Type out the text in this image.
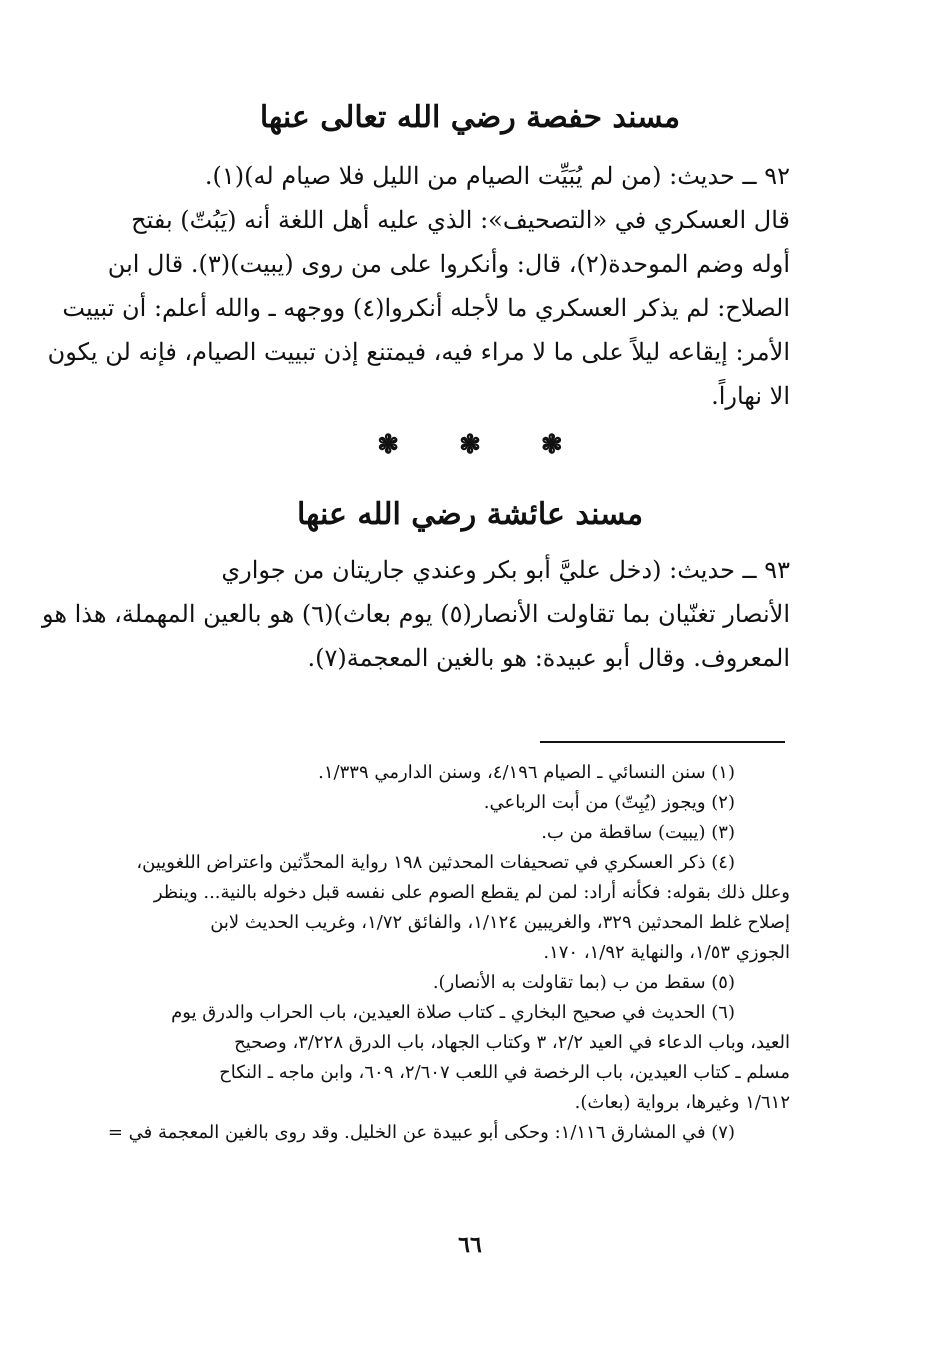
مسند حفصة رضي الله تعالى عنها
٩٢ ــ حديث: (من لم يُبَيِّت الصيام من الليل فلا صيام له)(١).
قال العسكري في «التصحيف»: الذي عليه أهل اللغة أنه (يَبُتّ) بفتح
أوله وضم الموحدة(٢)، قال: وأنكروا على من روى (يبيت)(٣). قال ابن
الصلاح: لم يذكر العسكري ما لأجله أنكروا(٤) ووجهه ـ والله أعلم: أن تبييت
الأمر: إيقاعه ليلاً على ما لا مراء فيه، فيمتنع إذن تبييت الصيام، فإنه لن يكون
الا نهاراً.
❃ ❃ ❃
مسند عائشة رضي الله عنها
٩٣ ــ حديث: (دخل عليَّ أبو بكر وعندي جاريتان من جواري
الأنصار تغنّيان بما تقاولت الأنصار(٥) يوم بعاث)(٦) هو بالعين المهملة، هذا هو
المعروف. وقال أبو عبيدة: هو بالغين المعجمة(٧).
(١) سنن النسائي ـ الصيام ٤/١٩٦، وسنن الدارمي ١/٣٣٩.
(٢) ويجوز (يُبِتّ) من أبت الرباعي.
(٣) (يبيت) ساقطة من ب.
(٤) ذكر العسكري في تصحيفات المحدثين ١٩٨ رواية المحدِّثين واعتراض اللغويين،
وعلل ذلك بقوله: فكأنه أراد: لمن لم يقطع الصوم على نفسه قبل دخوله بالنية... وينظر
إصلاح غلط المحدثين ٣٢٩، والغريبين ١/١٢٤، والفائق ١/٧٢، وغريب الحديث لابن
الجوزي ١/٥٣، والنهاية ١/٩٢، ١٧٠.
(٥) سقط من ب (بما تقاولت به الأنصار).
(٦) الحديث في صحيح البخاري ـ كتاب صلاة العيدين، باب الحراب والدرق يوم
العيد، وباب الدعاء في العيد ٢/٢، ٣ وكتاب الجهاد، باب الدرق ٣/٢٢٨، وصحيح
مسلم ـ كتاب العيدين، باب الرخصة في اللعب ٢/٦٠٧، ٦٠٩، وابن ماجه ـ النكاح
١/٦١٢ وغيرها، برواية (بعاث).
(٧) في المشارق ١/١١٦: وحكى أبو عبيدة عن الخليل. وقد روى بالغين المعجمة في =
٦٦
